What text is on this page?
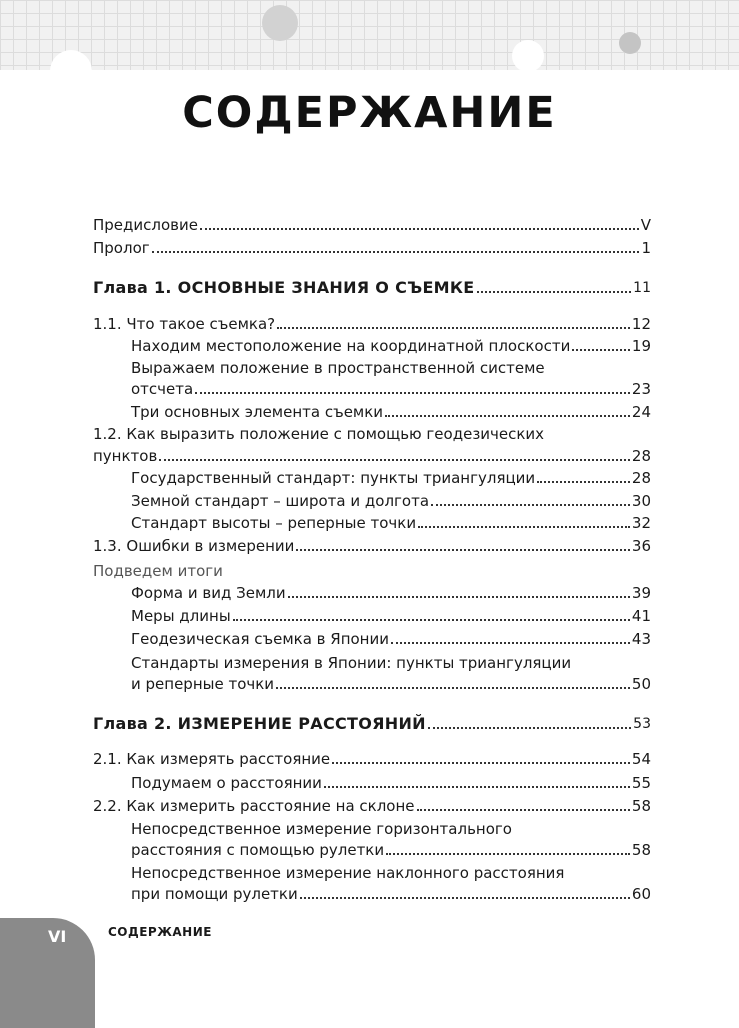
СОДЕРЖАНИЕ
Предисловие	V
Пролог	1
Глава 1. ОСНОВНЫЕ ЗНАНИЯ О СЪЕМКЕ	11
1.1. Что такое съемка?	12
Находим местоположение на координатной плоскости	19
Выражаем положение в пространственной системе
отсчета	23
Три основных элемента съемки	24
1.2. Как выразить положение с помощью геодезических
пунктов	28
Государственный стандарт: пункты триангуляции	28
Земной стандарт – широта и долгота	30
Стандарт высоты – реперные точки	32
1.3. Ошибки в измерении	36
Подведем итоги
Форма и вид Земли	39
Меры длины	41
Геодезическая съемка в Японии	43
Стандарты измерения в Японии: пункты триангуляции
и реперные точки	50
Глава 2. ИЗМЕРЕНИЕ РАССТОЯНИЙ	53
2.1. Как измерять расстояние	54
Подумаем о расстоянии	55
2.2. Как измерить расстояние на склоне	58
Непосредственное измерение горизонтального
расстояния с помощью рулетки	58
Непосредственное измерение наклонного расстояния
при помощи рулетки	60
VI	СОДЕРЖАНИЕ
